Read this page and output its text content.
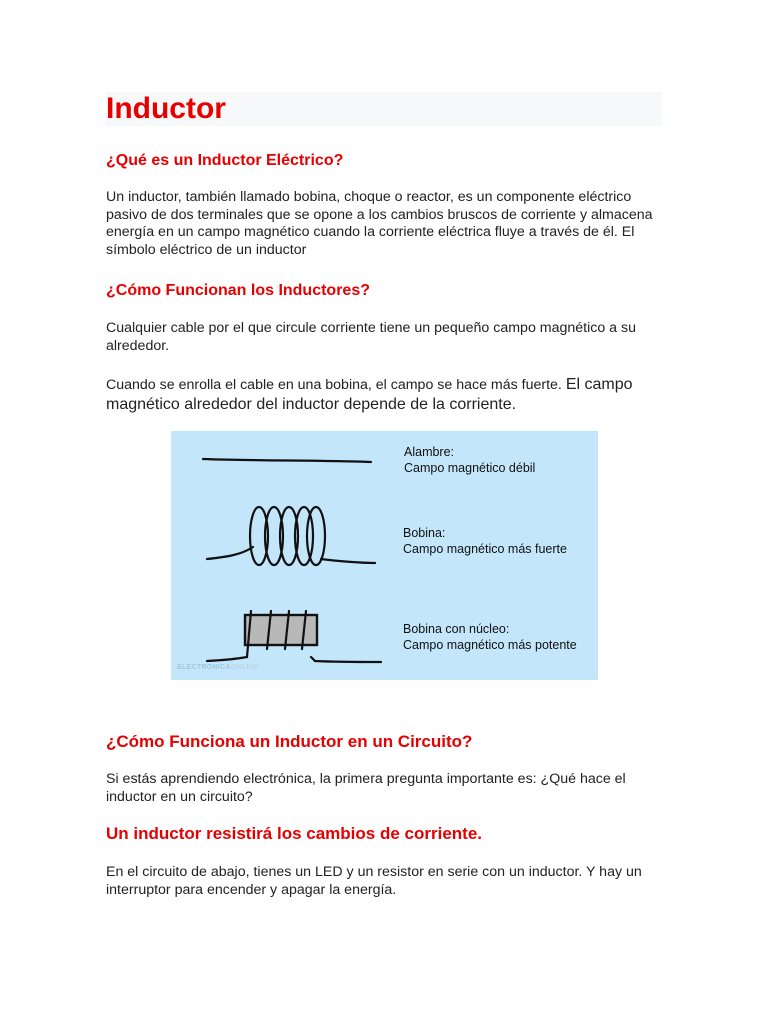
Inductor
¿Qué es un Inductor Eléctrico?

Un inductor, también llamado bobina, choque o reactor, es un componente eléctrico pasivo de dos terminales que se opone a los cambios bruscos de corriente y almacena energía en un campo magnético cuando la corriente eléctrica fluye a través de él. El símbolo eléctrico de un inductor

¿Cómo Funcionan los Inductores?

Cualquier cable por el que circule corriente tiene un pequeño campo magnético a su alrededor.

Cuando se enrolla el cable en una bobina, el campo se hace más fuerte. El campo magnético alrededor del inductor depende de la corriente.

Alambre:
Campo magnético débil
Bobina:
Campo magnético más fuerte
Bobina con núcleo:
Campo magnético más potente
ELECTRONICAONLINE
¿Cómo Funciona un Inductor en un Circuito?

Si estás aprendiendo electrónica, la primera pregunta importante es: ¿Qué hace el inductor en un circuito?

Un inductor resistirá los cambios de corriente.

En el circuito de abajo, tienes un LED y un resistor en serie con un inductor. Y hay un interruptor para encender y apagar la energía.
